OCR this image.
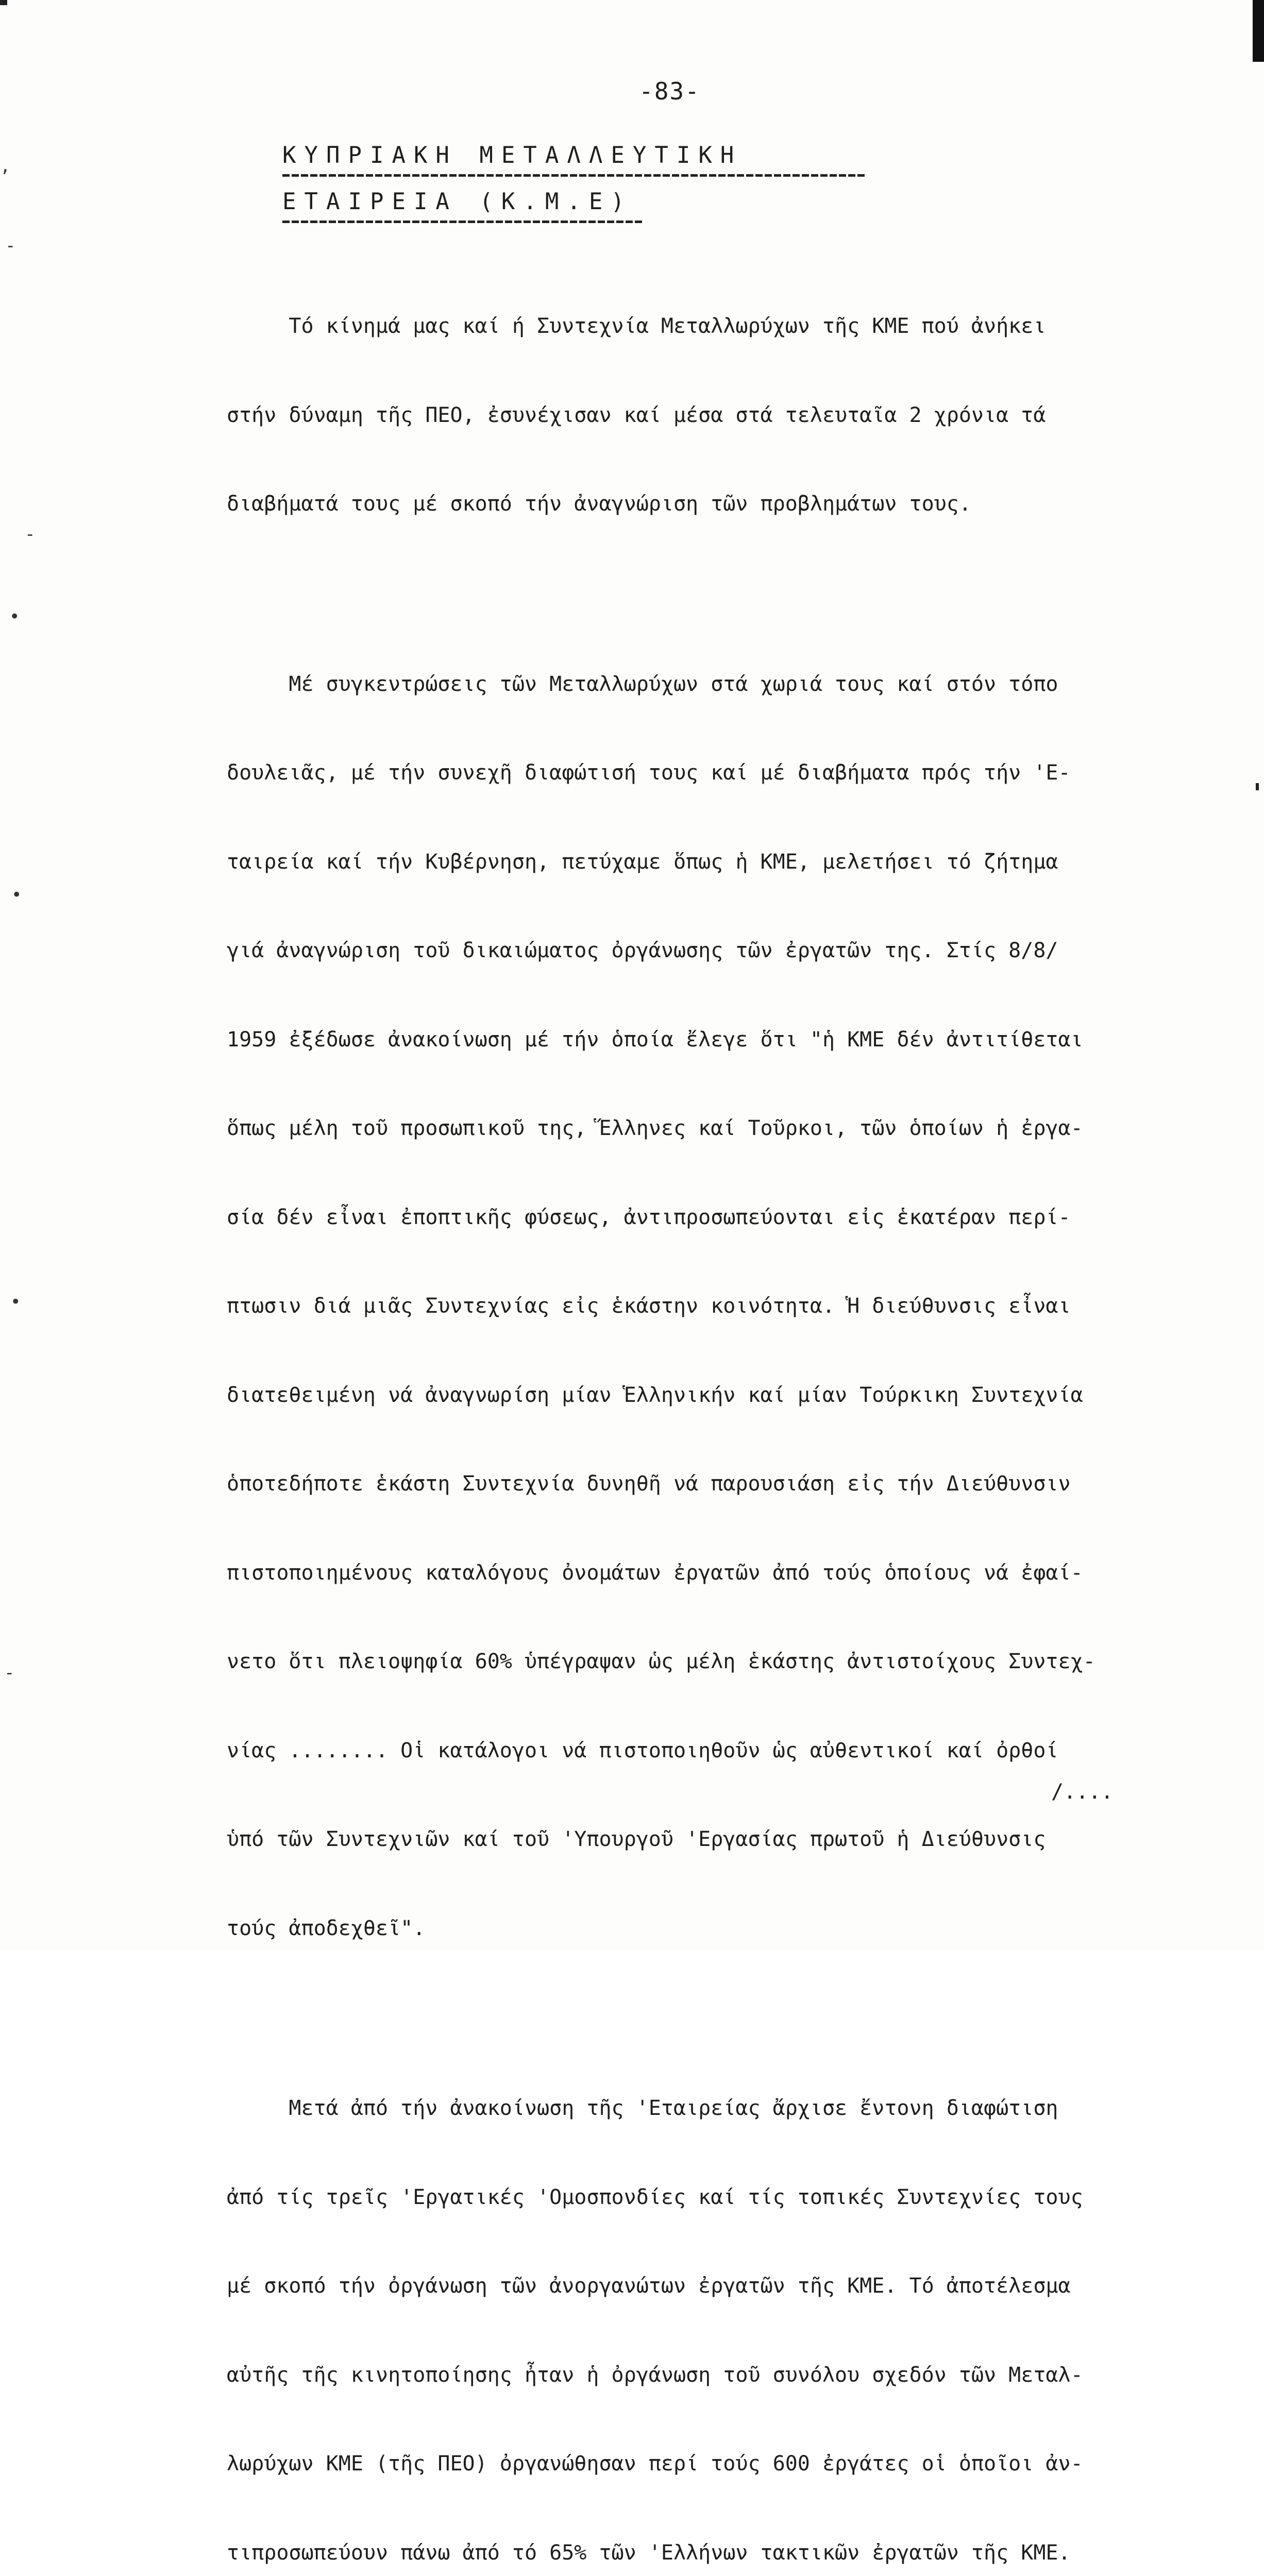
,
-
-
•
•
•
-
-83-
ΚΥΠΡΙΑΚΗ ΜΕΤΑΛΛΕΥΤΙΚΗ
ΕΤΑΙΡΕΙΑ (Κ.Μ.Ε)

Τό κίνημά μας καί ή Συντεχνία Μεταλλωρύχων τῆς ΚΜΕ πού ἀνήκει

στήν δύναμη τῆς ΠΕΟ, ἐσυνέχισαν καί μέσα στά τελευταῖα 2 χρόνια τά

διαβήματά τους μέ σκοπό τήν ἀναγνώριση τῶν προβλημάτων τους.

Μέ συγκεντρώσεις τῶν Μεταλλωρύχων στά χωριά τους καί στόν τόπο

δουλειᾶς, μέ τήν συνεχῆ διαφώτισή τους καί μέ διαβήματα πρός τήν 'Ε-

ταιρεία καί τήν Κυβέρνηση, πετύχαμε ὅπως ἡ ΚΜΕ, μελετήσει τό ζήτημα

γιά ἀναγνώριση τοῦ δικαιώματος ὀργάνωσης τῶν ἐργατῶν της. Στίς 8/8/

1959 ἐξέδωσε ἀνακοίνωση μέ τήν ὁποία ἔλεγε ὅτι "ἡ ΚΜΕ δέν ἀντιτίθεται

ὅπως μέλη τοῦ προσωπικοῦ της, Ἕλληνες καί Τοῦρκοι, τῶν ὁποίων ἡ ἐργα-

σία δέν εἶναι ἐποπτικῆς φύσεως, ἀντιπροσωπεύονται εἰς ἑκατέραν περί-

πτωσιν διά μιᾶς Συντεχνίας εἰς ἑκάστην κοινότητα. Ἡ διεύθυνσις εἶναι

διατεθειμένη νά ἀναγνωρίση μίαν Ἑλληνικήν καί μίαν Τούρκικη Συντεχνία

ὁποτεδήποτε ἑκάστη Συντεχνία δυνηθῆ νά παρουσιάση εἰς τήν Διεύθυνσιν

πιστοποιημένους καταλόγους ὀνομάτων ἐργατῶν ἀπό τούς ὁποίους νά ἐφαί-

νετο ὅτι πλειοψηφία 60% ὑπέγραψαν ὡς μέλη ἑκάστης ἀντιστοίχους Συντεχ-

νίας ........ Οἱ κατάλογοι νά πιστοποιηθοῦν ὡς αὐθεντικοί καί ὀρθοί

ὑπό τῶν Συντεχνιῶν καί τοῦ 'Υπουργοῦ 'Εργασίας πρωτοῦ ἡ Διεύθυνσις

τούς ἀποδεχθεῖ".

Μετά ἀπό τήν ἀνακοίνωση τῆς 'Εταιρείας ἄρχισε ἔντονη διαφώτιση

ἀπό τίς τρεῖς 'Εργατικές 'Ομοσπονδίες καί τίς τοπικές Συντεχνίες τους

μέ σκοπό τήν ὀργάνωση τῶν ἀνοργανώτων ἐργατῶν τῆς ΚΜΕ. Τό ἀποτέλεσμα

αὐτῆς τῆς κινητοποίησης ἦταν ἡ ὀργάνωση τοῦ συνόλου σχεδόν τῶν Μεταλ-

λωρύχων ΚΜΕ (τῆς ΠΕΟ) ὀργανώθησαν περί τούς 600 ἐργάτες οἱ ὁποῖοι ἀν-

τιπροσωπεύουν πάνω ἀπό τό 65% τῶν 'Ελλήνων τακτικῶν ἐργατῶν τῆς ΚΜΕ.

/....
